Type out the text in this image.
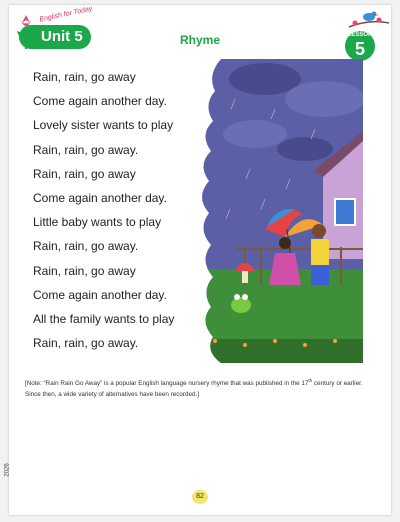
English for Today
Unit 5	Rhyme	LESSON
5
Rain, rain, go away
Come again another day.
Lovely sister wants to play
Rain, rain, go away.
Rain, rain, go away
Come again another day.
Little baby wants to play
Rain, rain, go away.
Rain, rain, go away
Come again another day.
All the family wants to play
Rain, rain, go away.
[Note: “Rain Rain Go Away” is a popular English language nursery rhyme that was published in the 17th century or earlier. Since then, a wide variety of alternatives have been recorded.]
2026
82
